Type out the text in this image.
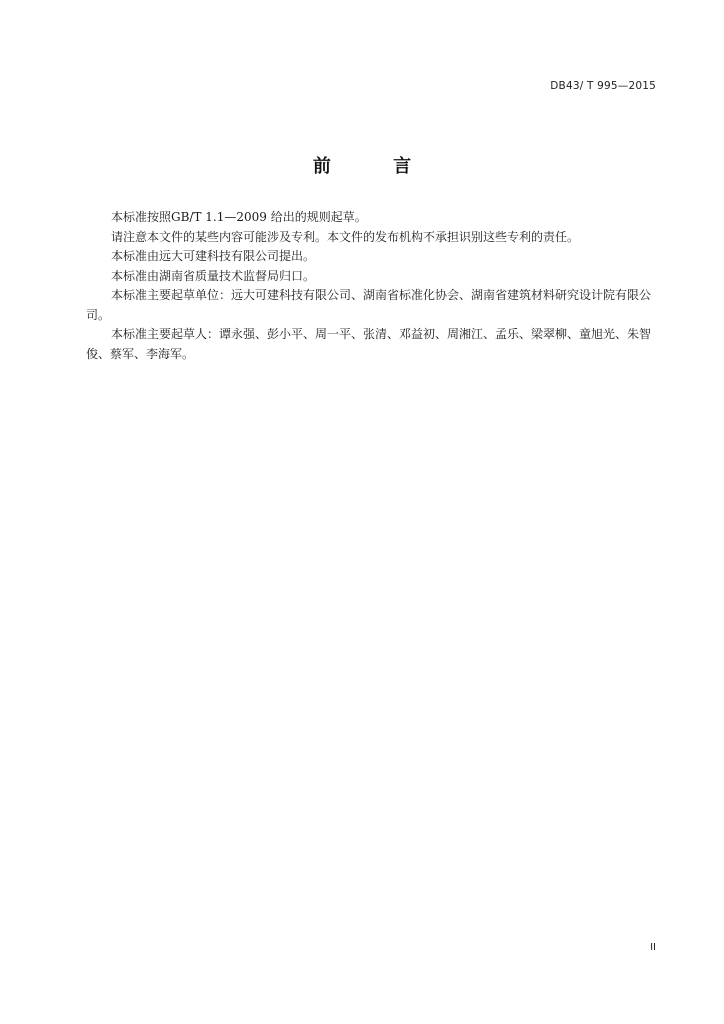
DB43/ T 995—2015
前 言

本标准按照GB/T 1.1—2009 给出的规则起草。

请注意本文件的某些内容可能涉及专利。本文件的发布机构不承担识别这些专利的责任。

本标准由远大可建科技有限公司提出。

本标准由湖南省质量技术监督局归口。

本标准主要起草单位：远大可建科技有限公司、湖南省标准化协会、湖南省建筑材料研究设计院有限公司。

本标准主要起草人：谭永强、彭小平、周一平、张清、邓益初、周湘江、孟乐、梁翠柳、童旭光、朱智俊、蔡军、李海军。

II
